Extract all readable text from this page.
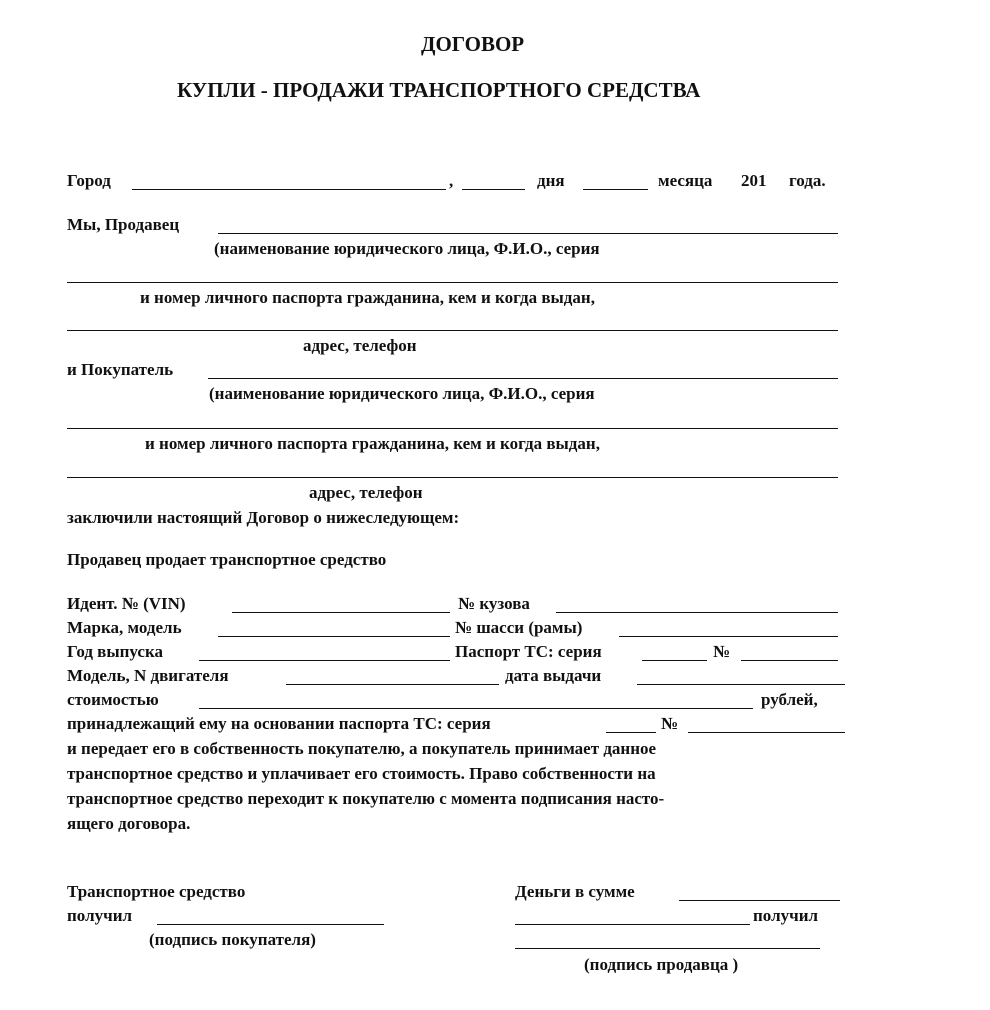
ДОГОВОР
КУПЛИ - ПРОДАЖИ ТРАНСПОРТНОГО СРЕДСТВА
Город	,	дня	месяца 201 года.
Мы, Продавец
(наименование юридического лица, Ф.И.О., серия
и номер личного паспорта гражданина, кем и когда выдан,
адрес, телефон
и Покупатель
(наименование юридического лица, Ф.И.О., серия
и номер личного паспорта гражданина, кем и когда выдан,
адрес, телефон
заключили настоящий Договор о нижеследующем:
Продавец продает транспортное средство
Идент. № (VIN)	№ кузова
Марка, модель	№ шасси (рамы)
Год выпуска	Паспорт ТС: серия	№
Модель, N двигателя	дата выдачи
стоимостью	рублей,
принадлежащий ему на основании паспорта ТС: серия	№
и передает его в собственность покупателю, а покупатель принимает данное
транспортное средство и уплачивает его стоимость. Право собственности на
транспортное средство переходит к покупателю с момента подписания насто-
ящего договора.
Транспортное средство
получил
(подпись покупателя)
Деньги в сумме
получил
(подпись продавца )
